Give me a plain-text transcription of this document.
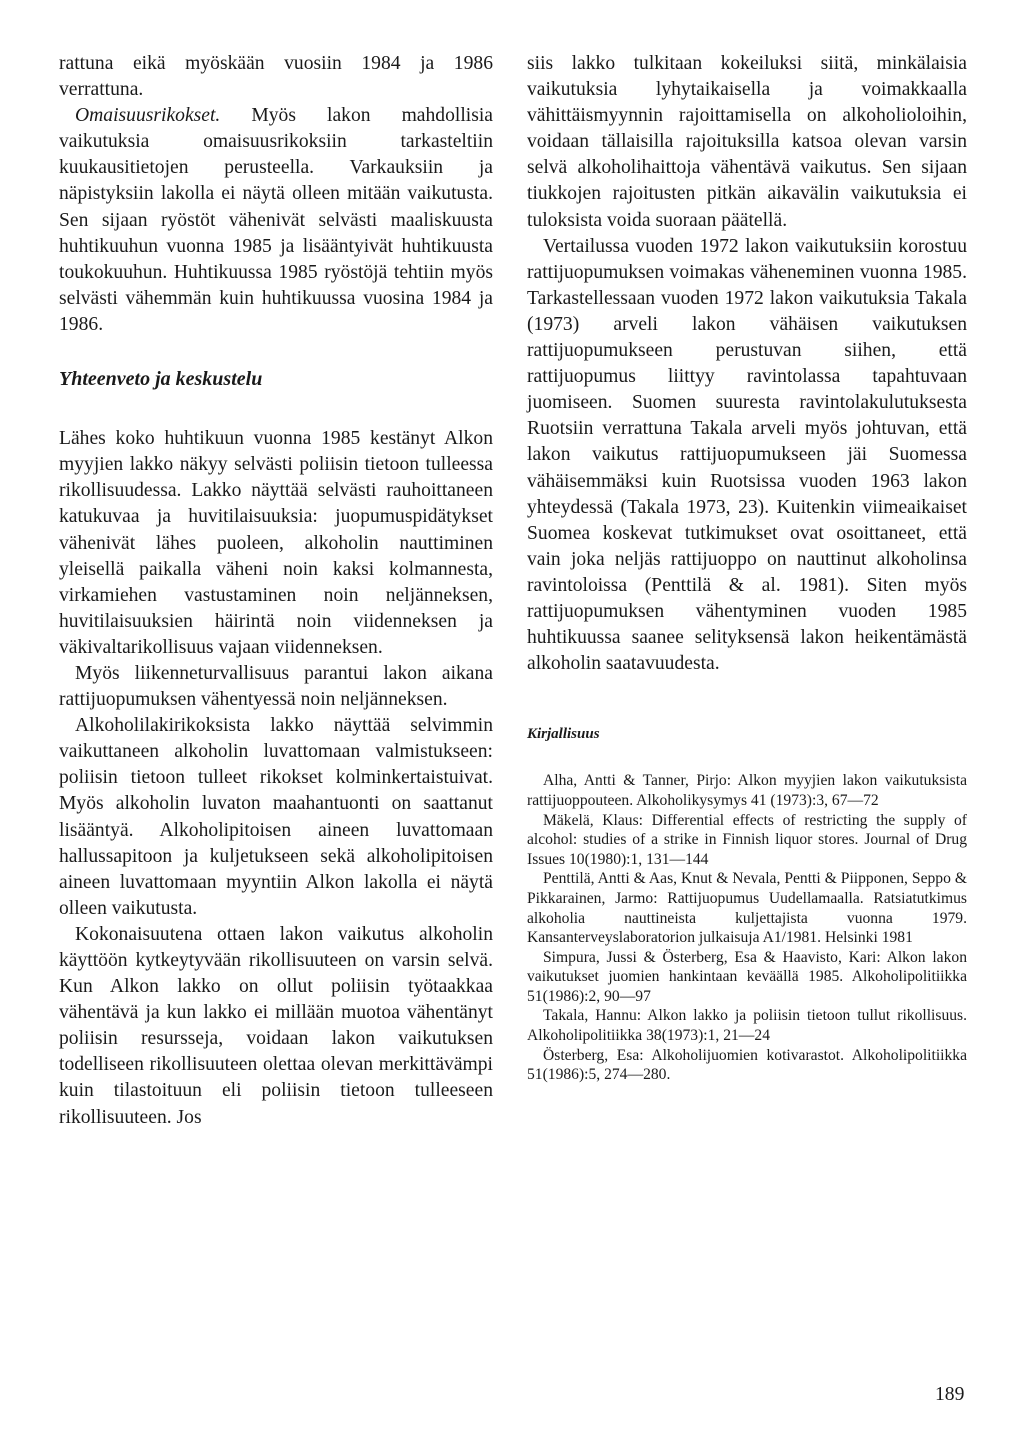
rattuna eikä myöskään vuosiin 1984 ja 1986 verrattuna.

Omaisuusrikokset. Myös lakon mahdollisia vaikutuksia omaisuusrikoksiin tarkasteltiin kuukausitietojen perusteella. Varkauksiin ja näpistyksiin lakolla ei näytä olleen mitään vaikutusta. Sen sijaan ryöstöt vähenivät selvästi maaliskuusta huhtikuuhun vuonna 1985 ja lisääntyivät huhtikuusta toukokuuhun. Huhtikuussa 1985 ryöstöjä tehtiin myös selvästi vähemmän kuin huhtikuussa vuosina 1984 ja 1986.

Yhteenveto ja keskustelu

Lähes koko huhtikuun vuonna 1985 kestänyt Alkon myyjien lakko näkyy selvästi poliisin tietoon tulleessa rikollisuudessa. Lakko näyttää selvästi rauhoittaneen katukuvaa ja huvitilaisuuksia: juopumuspidätykset vähenivät lähes puoleen, alkoholin nauttiminen yleisellä paikalla väheni noin kaksi kolmannesta, virkamiehen vastustaminen noin neljänneksen, huvitilaisuuksien häirintä noin viidenneksen ja väkivaltarikollisuus vajaan viidenneksen.

Myös liikenneturvallisuus parantui lakon aikana rattijuopumuksen vähentyessä noin neljänneksen.

Alkoholilakirikoksista lakko näyttää selvimmin vaikuttaneen alkoholin luvattomaan valmistukseen: poliisin tietoon tulleet rikokset kolminkertaistuivat. Myös alkoholin luvaton maahantuonti on saattanut lisääntyä. Alkoholipitoisen aineen luvattomaan hallussapitoon ja kuljetukseen sekä alkoholipitoisen aineen luvattomaan myyntiin Alkon lakolla ei näytä olleen vaikutusta.

Kokonaisuutena ottaen lakon vaikutus alkoholin käyttöön kytkeytyvään rikollisuuteen on varsin selvä. Kun Alkon lakko on ollut poliisin työtaakkaa vähentävä ja kun lakko ei millään muotoa vähentänyt poliisin resursseja, voidaan lakon vaikutuksen todelliseen rikollisuuteen olettaa olevan merkittävämpi kuin tilastoituun eli poliisin tietoon tulleeseen rikollisuuteen. Jos

siis lakko tulkitaan kokeiluksi siitä, minkälaisia vaikutuksia lyhytaikaisella ja voimakkaalla vähittäismyynnin rajoittamisella on alkoholioloihin, voidaan tällaisilla rajoituksilla katsoa olevan varsin selvä alkoholihaittoja vähentävä vaikutus. Sen sijaan tiukkojen rajoitusten pitkän aikavälin vaikutuksia ei tuloksista voida suoraan päätellä.

Vertailussa vuoden 1972 lakon vaikutuksiin korostuu rattijuopumuksen voimakas väheneminen vuonna 1985. Tarkastellessaan vuoden 1972 lakon vaikutuksia Takala (1973) arveli lakon vähäisen vaikutuksen rattijuopumukseen perustuvan siihen, että rattijuopumus liittyy ravintolassa tapahtuvaan juomiseen. Suomen suuresta ravintolakulutuksesta Ruotsiin verrattuna Takala arveli myös johtuvan, että lakon vaikutus rattijuopumukseen jäi Suomessa vähäisemmäksi kuin Ruotsissa vuoden 1963 lakon yhteydessä (Takala 1973, 23). Kuitenkin viimeaikaiset Suomea koskevat tutkimukset ovat osoittaneet, että vain joka neljäs rattijuoppo on nauttinut alkoholinsa ravintoloissa (Penttilä & al. 1981). Siten myös rattijuopumuksen vähentyminen vuoden 1985 huhtikuussa saanee selityksensä lakon heikentämästä alkoholin saatavuudesta.

Kirjallisuus

Alha, Antti & Tanner, Pirjo: Alkon myyjien lakon vaikutuksista rattijuoppouteen. Alkoholikysymys 41 (1973):3, 67—72

Mäkelä, Klaus: Differential effects of restricting the supply of alcohol: studies of a strike in Finnish liquor stores. Journal of Drug Issues 10(1980):1, 131—144

Penttilä, Antti & Aas, Knut & Nevala, Pentti & Piipponen, Seppo & Pikkarainen, Jarmo: Rattijuopumus Uudellamaalla. Ratsiatutkimus alkoholia nauttineista kuljettajista vuonna 1979. Kansanterveyslaboratorion julkaisuja A1/1981. Helsinki 1981

Simpura, Jussi & Österberg, Esa & Haavisto, Kari: Alkon lakon vaikutukset juomien hankintaan keväällä 1985. Alkoholipolitiikka 51(1986):2, 90—97

Takala, Hannu: Alkon lakko ja poliisin tietoon tullut rikollisuus. Alkoholipolitiikka 38(1973):1, 21—24

Österberg, Esa: Alkoholijuomien kotivarastot. Alkoholipolitiikka 51(1986):5, 274—280.

189
